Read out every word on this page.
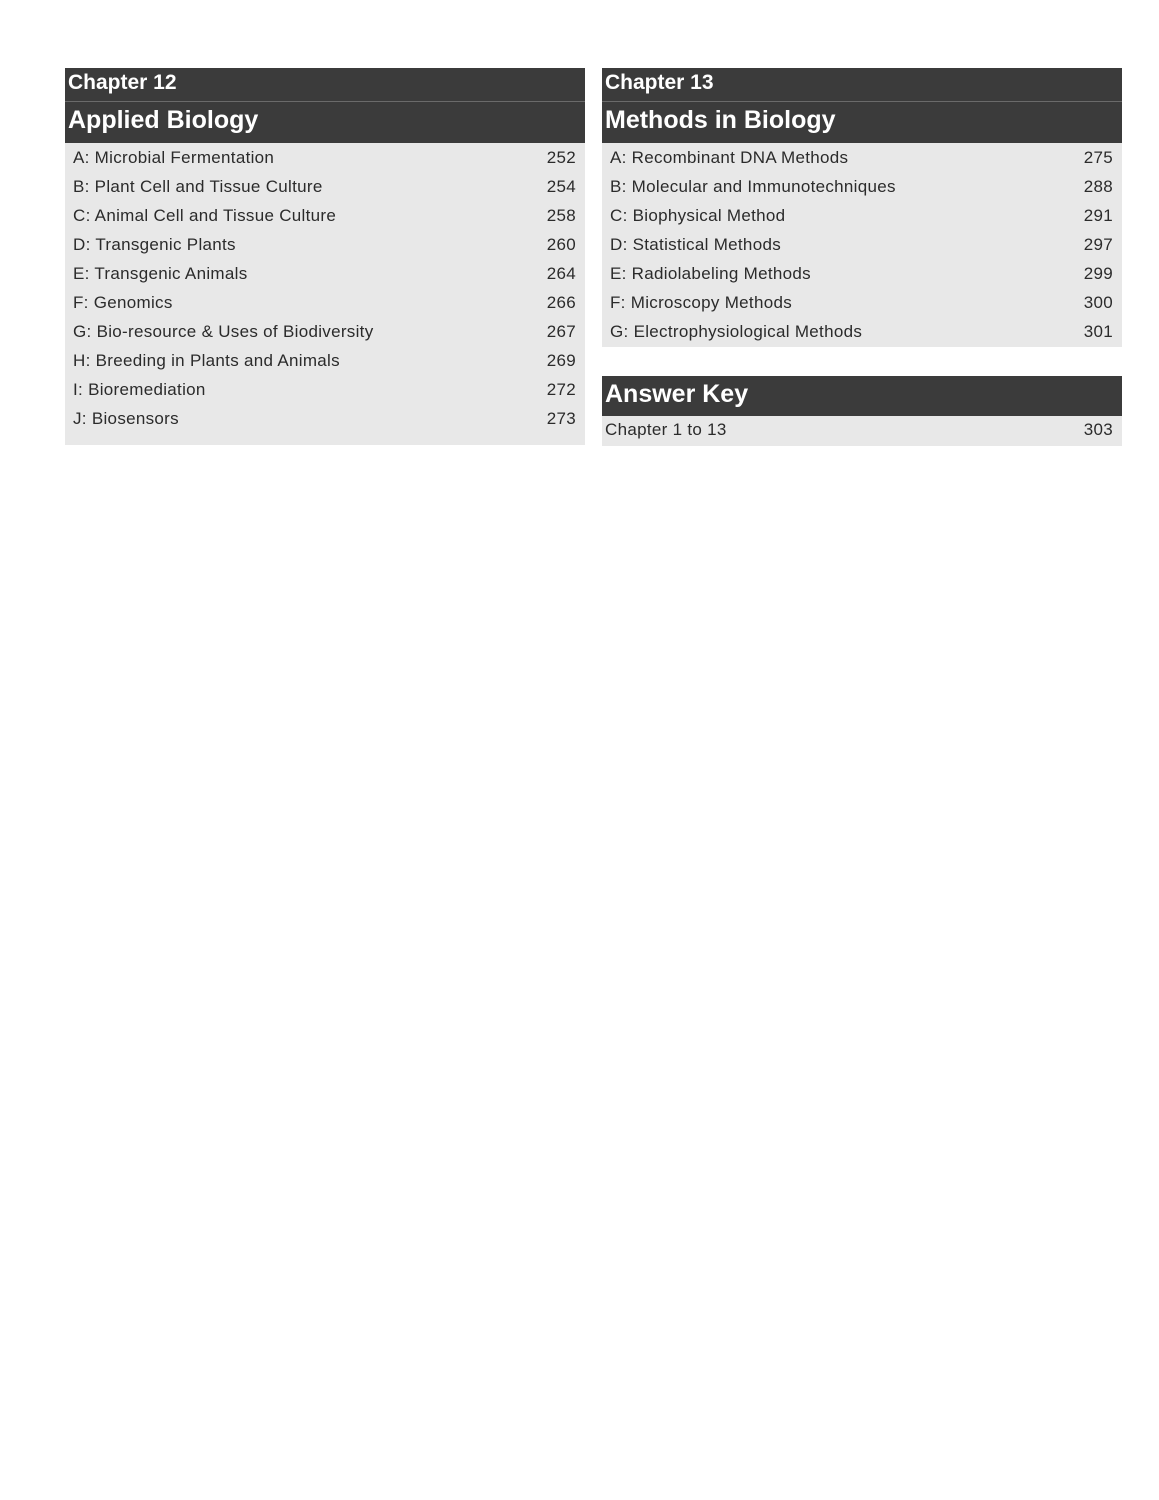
Chapter 12
Applied Biology
A: Microbial Fermentation	252
B: Plant Cell and Tissue Culture	254
C: Animal Cell and Tissue Culture	258
D: Transgenic Plants	260
E: Transgenic Animals	264
F: Genomics	266
G: Bio-resource & Uses of Biodiversity	267
H: Breeding in Plants and Animals	269
I: Bioremediation	272
J: Biosensors	273
Chapter 13
Methods in Biology
A: Recombinant DNA Methods	275
B: Molecular and Immunotechniques	288
C: Biophysical Method	291
D: Statistical Methods	297
E: Radiolabeling Methods	299
F: Microscopy Methods	300
G: Electrophysiological Methods	301
Answer Key
Chapter 1 to 13	303
